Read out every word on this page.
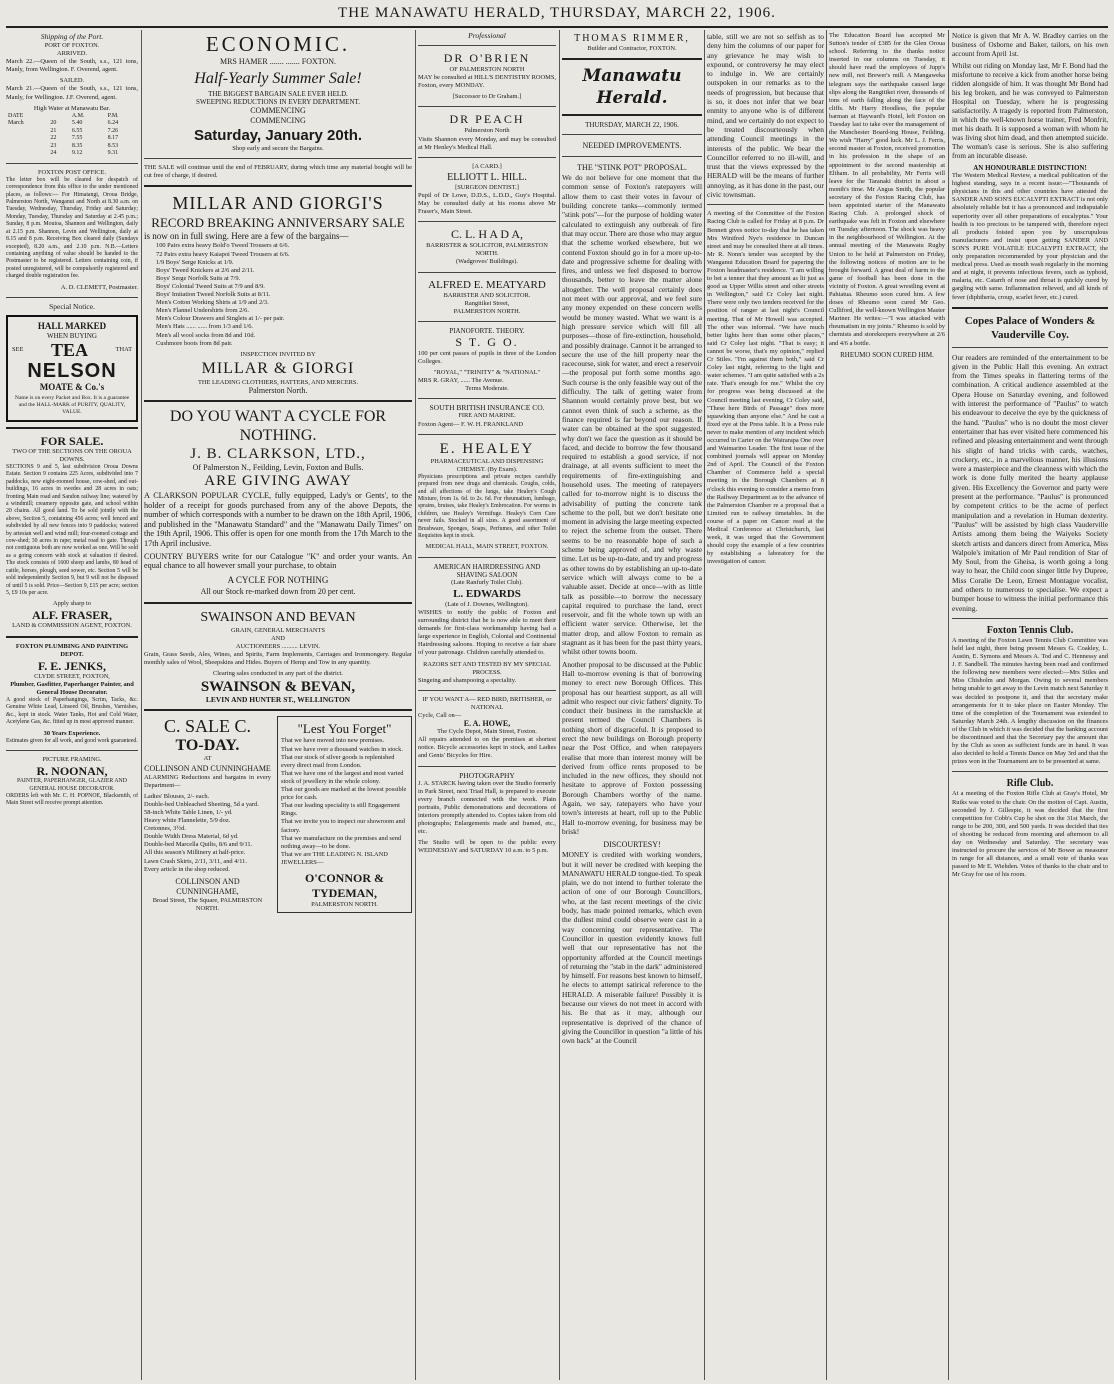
THE MANAWATU HERALD, THURSDAY, MARCH 22, 1906.
Shipping of the Port.
PORT OF FOXTON.
ARRIVED.

March 22.—Queen of the South, s.s., 121 tons, Manly, from Wellington. F. Overend, agent.

SAILED.

March 21.—Queen of the South, s.s., 121 tons, Manly, for Wellington. J.F. Overend, agent.

High Water at Manawatu Bar.
DATE		A.M.	P.M.
March	20	5.40	6.24
	21	6.55	7.26
	22	7.55	8.17
	23	8.35	8.53
	24	9.12	9.31
FOXTON POST OFFICE.

The letter box will be cleared for despatch of correspondence from this office to the under mentioned places, as follows:— For Himatangi, Oroua Bridge, Palmerston North, Wanganui and North at 8.30 a.m. on Tuesday, Wednesday, Thursday, Friday and Saturday; Monday, Tuesday, Thursday and Saturday at 2.45 p.m.; Sunday, 8 p.m. Moutoa, Shannon and Wellington, daily at 2.15 p.m. Shannon, Levin and Wellington, daily at 8.15 and 8 p.m. Receiving Box cleared daily (Sundays excepted), 8.20 a.m., and 2.10 p.m. N.B.—Letters containing anything of value should be handed to the Postmaster to be registered. Letters containing coin, if posted unregistered, will be compulsorily registered and charged double registration fee.

A. D. CLEMETT, Postmaster.
Special Notice.
HALL MARKED
WHEN BUYING
SEE TEA	THAT
NELSON
MOATE & Co.'s
Name is on every Packet and Box. It is a guarantee and the HALL-MARK of PURITY, QUALITY, VALUE.
FOR SALE.
TWO OF THE SECTIONS ON THE OROUA DOWNS.

SECTIONS 9 and 5, last subdivision Oroua Downs Estate. Section 9 contains 225 Acres, subdivided into 7 paddocks, new eight-roomed house, cow-shed, and out-buildings, 16 acres in swedes and 28 acres in oats; fronting Main road and Sandon railway line; watered by a windmill; creamery opposite gate, and school within 20 chains. All good land. To be sold jointly with the above, Section 5, containing 456 acres; well fenced and subdivided by all new fences into 9 paddocks; watered by artesian well and wind mill; four-roomed cottage and cow-shed; 30 acres in rape; metal road to gate. Though not contiguous both are now worked as one. Will be sold as a going concern with stock at valuation if desired. The stock consists of 1600 sheep and lambs, 80 head of cattle, horses, plough, seed sower, etc. Section 5 will be sold independently Section 9, but 9 will not be disposed of until 5 is sold. Price—Section 9, £15 per acre; section 5, £9 10s per acre.

Apply sharp to
ALF. FRASER,
LAND & COMMISSION AGENT, FOXTON.
FOXTON PLUMBING AND PAINTING DEPOT.
F. E. JENKS,
CLYDE STREET, FOXTON,
Plumber, Gasfitter, Paperhanger Painter, and General House Decorator.

A good stock of Paperhangings, Scrim, Tacks, &c. Genuine White Lead, Linseed Oil, Brushes, Varnishes, &c., kept in stock. Water Tanks, Hot and Cold Water, Acetylene Gas, &c. fitted up in most approved manner.

30 Years Experience.

Estimates given for all work, and good work guaranteed.

PICTURE FRAMING.
R. NOONAN,
PAINTER, PAPERHANGER, GLAZIER AND GENERAL HOUSE DECORATOR.

ORDERS left with Mr. C. H. POPNOE, Blacksmith, of Main Street will receive prompt attention.

ECONOMIC.
MRS HAMER ....... ....... FOXTON.
Half-Yearly Summer Sale!
THE BIGGEST BARGAIN SALE EVER HELD.
SWEEPING REDUCTIONS IN EVERY DEPARTMENT.
COMMENCING
COMMENCING
Saturday, January 20th.
Shop early and secure the Bargains.

THE SALE will continue until the end of FEBRUARY, during which time any material bought will be cut free of charge, if desired.

MILLAR AND GIORGI'S
RECORD BREAKING ANNIVERSARY SALE
is now on in full swing. Here are a few of the bargains—
100 Pairs extra heavy Bold'o Tweed Trousers at 6/6.
72 Pairs extra heavy Kaiapoi Tweed Trousers at 6/6.
1/9 Boys' Serge Knicks at 1/9.
Boys' Tweed Knickers at 2/6 and 2/11.
Boys' Serge Norfolk Suits at 7/9.
Boys' Colonial Tweed Suits at 7/9 and 8/9.
Boys' Imitation Tweed Norfolk Suits at 8/11.
Men's Cotton Working Shirts at 1/9 and 2/3.
Men's Flannel Undershirts from 2/6.
Men's Colour Drawers and Singlets at 1/- per pair.
Men's Hats ...... ...... from 1/3 and 1/6.
Men's all wool socks from 8d and 10d.
Cushmore boots from 8d pair.
INSPECTION INVITED BY
MILLAR & GIORGI
THE LEADING CLOTHIERS, HATTERS, AND MERCERS.
Palmerston North.
DO YOU WANT A CYCLE FOR NOTHING.
J. B. CLARKSON, LTD.,
Of Palmerston N., Feilding, Levin, Foxton and Bulls.
ARE GIVING AWAY

A CLARKSON POPULAR CYCLE, fully equipped, Lady's or Gents', to the holder of a receipt for goods purchased from any of the above Depots, the number of which corresponds with a number to be drawn on the 18th April, 1906, and published in the "Manawatu Standard" and the "Manawatu Daily Times" on the 19th April, 1906. This offer is open for one month from the 17th March to the 17th April inclusive.

COUNTRY BUYERS write for our Catalogue "K" and order your wants. An equal chance to all however small your purchase, to obtain

A CYCLE FOR NOTHING
All our Stock re-marked down from 20 per cent.
SWAINSON AND BEVAN
GRAIN, GENERAL MERCHANTS
AND
AUCTIONEERS .......... LEVIN.

Grain, Grass Seeds, Ales, Wines, and Spirits, Farm Implements, Carriages and Ironmongery. Regular monthly sales of Wool, Sheepskins and Hides. Buyers of Hemp and Tow in any quantity.

Clearing sales conducted in any part of the district.
SWAINSON & BEVAN,
LEVIN AND HUNTER ST., WELLINGTON
C. SALE C.
TO-DAY.
AT
COLLINSON AND CUNNINGHAME

ALARMING Reductions and bargains in every Department—

Ladies' Blouses, 2/- each.
Double-bed Unbleached Sheeting, 5d a yard.
58-inch White Table Linen, 1/- yd.
Heavy white Flannelette, 5/9 doz.
Cretonnes, 3½d.
Double Width Dress Material, 6d yd.
Double-bed Marcella Quilts, 8/6 and 9/11.
All this season's Millinery at half-price.
Lawn Crash Skirts, 2/11, 3/11, and 4/11.
Every article in the shop reduced.
COLLINSON AND CUNNINGHAME,
Broad Street, The Square, PALMERSTON NORTH.
"Lest You Forget"
That we have moved into new premises.
That we have over a thousand watches in stock.
That our stock of silver goods is replenished every direct mail from London.
That we have one of the largest and most varied stock of jewellery in the whole colony.
That our goods are marked at the lowest possible price for cash.
That our leading speciality is still Engagement Rings.
That we invite you to inspect our showroom and factory.
That we manufacture on the premises and send nothing away—to be done.
That we are THE LEADING N. ISLAND JEWELLERS—
O'CONNOR & TYDEMAN,
PALMERSTON NORTH.
Professional
DR O'BRIEN
OF PALMERSTON NORTH

MAY be consulted at HILL'S DENTISTRY ROOMS, Foxton, every MONDAY.

[Successor to Dr Graham.]
DR PEACH
Palmerston North

Visits Shannon every Monday, and may be consulted at Mr Henley's Medical Hall.

[A CARD.]
ELLIOTT L. HILL.
[SURGEON DENTIST.]

Pupil of Dr Lowe, D.D.S., L.D.D., Guy's Hospital. May be consulted daily at his rooms above Mr Fraser's, Main Street.

C. L. H A D A,
BARRISTER & SOLICITOR, PALMERSTON NORTH.
(Wadgroves' Buildings).
ALFRED E. MEATYARD
BARRISTER AND SOLICITOR.
Rangitikei Street,
PALMERSTON NORTH.
PIANOFORTE. THEORY.
S T. G O.

100 per cent passes of pupils in three of the London Colleges.

"ROYAL," "TRINITY" & "NATIONAL"
MRS R. GRAY, ...... The Avenue.
Terms Moderate.
SOUTH BRITISH INSURANCE CO.
FIRE AND MARINE.
Foxton Agent— F. W. H. FRANKLAND
E. HEALEY
PHARMACEUTICAL AND DISPENSING CHEMIST. (By Exam).

Physicians prescriptions and private recipes carefully prepared from new drugs and chemicals. Coughs, colds, and all affections of the lungs, take Healey's Cough Mixture, from 1s. 6d. to 2s. 6d. For rheumatism, lumbago, sprains, bruises, take Healey's Embrocation. For worms in children, use Healey's Vermifuge. Healey's Corn Cure never fails. Stocked in all sizes. A good assortment of Brushware, Sponges, Soaps, Perfumes, and other Toilet Requisites kept in stock.

MEDICAL HALL, MAIN STREET, FOXTON.
AMERICAN HAIRDRESSING AND SHAVING SALOON
(Late Ranfurly Toilet Club).
L. EDWARDS
(Late of J. Downes, Wellington).

WISHES to notify the public of Foxton and surrounding district that he is now able to meet their demands for first-class workmanship having had a large experience in English, Colonial and Continental Hairdressing saloons. Hoping to receive a fair share of your patronage. Children carefully attended to.

RAZORS SET AND TESTED BY MY SPECIAL PROCESS.

Singeing and shampooing a speciality.

IF YOU WANT A— RED BIRD, BRITISHER, or NATIONAL
Cycle, Call on—
E. A. HOWE,
The Cycle Depot, Main Street, Foxton.

All repairs attended to on the premises at shortest notice. Bicycle accessories kept in stock, and Ladies and Gents' Bicycles for Hire.

PHOTOGRAPHY

J. A. STARCK having taken over the Studio formerly in Park Street, next Triad Hall, is prepared to execute every branch connected with the work. Plain portraits, Public demonstrations and decorations of interiors promptly attended to. Copies taken from old photographs; Enlargements made and framed, etc., etc.

The Studio will be open to the public every WEDNESDAY and SATURDAY 10 a.m. to 5 p.m.

THOMAS RIMMER,
Builder and Contractor, FOXTON.
Manawatu Herald.
THURSDAY, MARCH 22, 1906.
NEEDED IMPROVEMENTS.
THE "STINK POT" PROPOSAL.

We do not believe for one moment that the common sense of Foxton's ratepayers will allow them to cast their votes in favour of building concrete tanks—commonly termed "stink pots"—for the purpose of holding water calculated to extinguish any outbreak of fire that may occur. There are those who may argue that the scheme worked elsewhere, but we contend Foxton should go in for a more up-to-date and progressive scheme for dealing with fires, and unless we feel disposed to borrow thousands, better to leave the matter alone altogether. The well proposal certainly does not meet with our approval, and we feel sure any money expended on these concern wells would be money wasted. What we want is a high pressure service which will fill all purposes—those of fire-extinction, household, and possibly drainage. Cannot it be arranged to secure the use of the hill property near the racecourse, sink for water, and erect a reservoir—the proposal put forth some months ago. Such course is the only feasible way out of the difficulty. The talk of getting water from Shannon would certainly prove best, but we cannot even think of such a scheme, as the finance required is far beyond our reason. If water can be obtained at the spot suggested, why don't we face the question as it should be faced, and decide to borrow the few thousand required to establish a good service, if not drainage, at all events sufficient to meet the requirements of fire-extinguishing and household uses. The meeting of ratepayers called for to-morrow night is to discuss the advisability of putting the concrete tank scheme to the poll, but we don't hesitate one moment in advising the large meeting expected to reject the scheme from the outset. There seems to be no reasonable hope of such a scheme being approved of, and why waste time. Let us be up-to-date, and try and progress as other towns do by establishing an up-to-date service which will always come to be a valuable asset. Decide at once—with as little talk as possible—to borrow the necessary capital required to purchase the land, erect reservoir, and fit the whole town up with an efficient water service. Otherwise, let the matter drop, and allow Foxton to remain as stagnant as it has been for the past thirty years, whilst other towns boom.

Another proposal to be discussed at the Public Hall to-morrow evening is that of borrowing money to erect new Borough Offices. This proposal has our heartiest support, as all will admit who respect our civic fathers' dignity. To conduct their business in the ramshackle at present termed the Council Chambers is nothing short of disgraceful. It is proposed to erect the new buildings on Borough property near the Post Office, and when ratepayers realise that more than interest money will be derived from office rents proposed to be included in the new offices, they should not hesitate to approve of Foxton possessing Borough Chambers worthy of the name. Again, we say, ratepayers who have your town's interests at heart, roll up to the Public Hall to-morrow evening, for business may be brisk!

DISCOURTESY!

MONEY is credited with working wonders, but it will never be credited with keeping the MANAWATU HERALD tongue-tied. To speak plain, we do not intend to further tolerate the action of one of our Borough Councillors, who, at the last recent meetings of the civic body, has made pointed remarks, which even the dullest mind could observe were cast in a way concerning our representative. The Councillor in question evidently knows full well that our representative has not the opportunity afforded at the Council meetings of returning the "stab in the dark" administered by himself. For reasons best known to himself, he elects to attempt satirical reference to the HERALD. A miserable failure! Possibly it is because our views do not meet in accord with his. Be that as it may, although our representative is deprived of the chance of giving the Councillor in question "a little of his own back" at the Council

table, still we are not so selfish as to deny him the columns of our paper for any grievance he may wish to expound, or controversy he may elect to indulge in. We are certainly outspoken in our remarks as to the needs of progression, but because that is so, it does not infer that we bear enmity to anyone who is of different mind, and we certainly do not expect to be treated discourteously when attending Council meetings in the interests of the public. We bear the Councillor referred to no ill-will, and trust that the views expressed by the HERALD will be the means of further annoying, as it has done in the past, our civic townsman.

A meeting of the Committee of the Foxton Racing Club is called for Friday at 8 p.m. Dr Bennett gives notice to-day that he has taken Mrs Winifred Nye's residence in Duncan street and may be consulted there at all times. Mr R. Nonn's tender was accepted by the Wanganui Education Board for papering the Foxton headmaster's residence. "I am willing to bet a tenner that they amount as lit just as good as Upper Willis street and other streets in Wellington," said Cr Coley last night. There were only two tenders received for the position of ranger at last night's Council meeting. That of Mr Howell was accepted. The other was informal. "We have much better lights here than some other places," said Cr Coley last night. "That is easy; it cannot be worse, that's my opinion," replied Cr Stiles. "I'm against them both," said Cr Coley last night, referring to the light and water schemes. "I am quite satisfied with a 2s rate. That's enough for me." Whilst the cry for progress was being discussed at the Council meeting last evening, Cr Coley said, "These here Birds of Passage" does more squawking than anyone else." And he cast a fixed eye at the Press table. It is a Press rule never to make mention of any incident which occurred in Carter on the Wairarapa One over and Waimarino Leader. The first issue of the combined journals will appear on Monday 2nd of April. The Council of the Foxton Chamber of Commerce held a special meeting in the Borough Chambers at 8 o'clock this evening to consider a memo from the Railway Department as to the advance of the Palmerston Chamber re a proposal that a Limited run to railway timetables. In the course of a paper on Cancer read at the Medical Conference at Christchurch, last week, it was urged that the Government should copy the example of a few countries by establishing a laboratory for the investigation of cancer.

The Education Board has accepted Mr Sutton's tender of £385 for the Glen Oroua school. Referring to the thanks notice inserted in our columns on Tuesday, it should have read the employees of Jupp's new mill, not Brewer's mill. A Mangaweka telegram says the earthquake caused large slips along the Rangitikei river, thousands of tons of earth falling along the face of the cliffs. Mr Harry Hoodless, the popular barman at Hayward's Hotel, left Foxton on Tuesday last to take over the management of the Manchester Board-ing House, Feilding. We wish "Harry" good luck. Mr L. J. Ferris, second master at Foxton, received promotion in his profession in the shape of an appointment to the second mastership at Eltham. In all probability, Mr Ferris will leave for the Taranaki district in about a month's time. Mr Angus Smith, the popular secretary of the Foxton Racing Club, has been appointed starter of the Manawatu Racing Club. A prolonged shock of earthquake was felt in Foxton and elsewhere on Tuesday afternoon. The shock was heavy in the neighbourhood of Wellington. At the annual meeting of the Manawatu Rugby Union to be held at Palmerston on Friday, the following notices of motion are to be brought forward. A great deal of harm to the game of football has been done in the vicinity of Foxton. A great wrestling event at Pahiatua. Rheumo soon cured him. A few doses of Rheumo soon cured Mr Geo. Culliford, the well-known Wellington Master Mariner. He writes:—"I was attacked with rheumatism in my joints." Rheumo is sold by chemists and storekeepers everywhere at 2/6 and 4/6 a bottle.

RHEUMO SOON CURED HIM.

Notice is given that Mr A. W. Bradley carries on the business of Osborne and Baker, tailors, on his own account from April 1st.

Whilst out riding on Monday last, Mr F. Bond had the misfortune to receive a kick from another horse being ridden alongside of him. It was thought Mr Bond had his leg broken, and he was conveyed to Palmerston Hospital on Tuesday, where he is progressing satisfactorily. A tragedy is reported from Palmerston, in which the well-known horse trainer, Fred Monfrit, met his death. It is supposed a woman with whom he was living shot him dead, and then attempted suicide. The woman's case is serious. She is also suffering from an incurable disease.

AN HONOURABLE DISTINCTION!

The Western Medical Review, a medical publication of the highest standing, says in a recent issue:—"Thousands of physicians in this and other countries have attested the SANDER AND SON'S EUCALYPTI EXTRACT is not only absolutely reliable but it has a pronounced and indisputable superiority over all other preparations of eucalyptus." Your health is too precious to be tampered with, therefore reject all products foisted upon you by unscrupulous manufacturers and insist upon getting SANDER AND SON'S PURE VOLATILE EUCALYPTI EXTRACT, the only preparation recommended by your physician and the medical press. Used as mouth wash regularly in the morning and at night, it prevents infectious fevers, such as typhoid, malaria, etc. Catarrh of nose and throat is quickly cured by gargling with same. Inflammation relieved, and all kinds of fever (diphtheria, croup, scarlet fever, etc.) cured.

Copes Palace of Wonders & Vauderville Coy.

Our readers are reminded of the entertainment to be given in the Public Hall this evening. An extract from the Times speaks in flattering terms of the combination. A critical audience assembled at the Opera House on Saturday evening, and followed with interest the performance of "Paulus" to watch his endeavour to deceive the eye by the quickness of the hand. "Paulus" who is no doubt the most clever entertainer that has ever visited here commenced his refined and pleasing entertainment and went through his slight of hand tricks with cards, watches, crockery, etc., in a marvellous manner, his illusions were a masterpiece and the cleanness with which the work is done fully merited the hearty applause given. His Excellency the Governor and party were present at the performance. "Paulus" is pronounced by competent critics to be the acme of perfect manipulation and a revelation in Human dexterity. "Paulus" will be assisted by high class Vauderville Artists among them being the Waiyeks Society sketch artists and dancers direct from America, Miss Walpole's imitation of Mr Paul rendition of Star of My Soul, from the Gheisa, is worth going a long way to hear, the Child coon singer little Ivy Dupree, Miss Coralie De Leon, Ernest Montague vocalist, and others to numerous to specialise. We expect a bumper house to witness the initial performance this evening.

Foxton Tennis Club.

A meeting of the Foxton Lawn Tennis Club Committee was held last night, there being present Messrs G. Coakley, L. Austin, E. Symons and Messrs A. Tod and C. Hennessy and J. F. Sandbell. The minutes having been read and confirmed the following new members were elected:—Mrs Stiles and Miss Chisholm and Morgan. Owing to several members being unable to get away to the Levin match next Saturday it was decided to postpone it, and that the secretary make arrangements for it to take place on Easter Monday. The time of the completion of the Tournament was extended to Saturday March 24th. A lengthy discussion on the finances of the Club in which it was decided that the banking account be discontinued and that the Secretary pay the amount due by the Club as soon as sufficient funds are in hand. It was also decided to hold a Tennis Dance on May 3rd and that the prizes won in the Tournament are to be presented at same.

Rifle Club.

At a meeting of the Foxton Rifle Club at Gray's Hotel, Mr Ruiks was voted to the chair. On the motion of Capt. Austin, seconded by J. Gillespie, it was decided that the first competition for Cobb's Cup be shot on the 31st March, the range to be 200, 300, and 500 yards. It was decided that ties of shooting be reduced from morning and afternoon to all day on Wednesday and Saturday. The secretary was instructed to procure the services of Mr Bower as measurer in range for all distances, and a small vote of thanks was passed to Mr E. Wiehden. Votes of thanks to the chair and to Mr Gray for use of his room.
